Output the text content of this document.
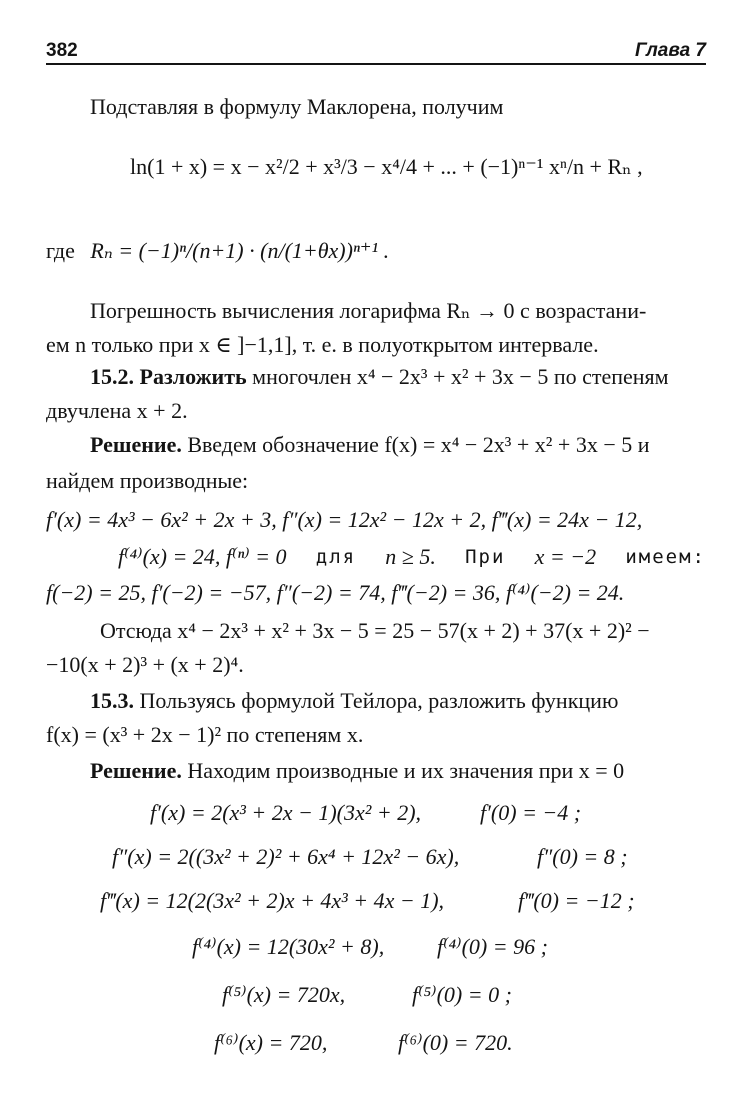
382	Глава 7
Подставляя в формулу Маклорена, получим
ln(1 + x) = x − x²/2 + x³/3 − x⁴/4 + ... + (−1)ⁿ⁻¹ xⁿ/n + Rₙ ,
где Rₙ = (−1)ⁿ/(n+1) · (n/(1+θx))ⁿ⁺¹ .
Погрешность вычисления логарифма Rₙ → 0 с возрастани-
ем n только при x ∈ ]−1,1], т. е. в полуоткрытом интервале.
15.2. Разложить многочлен x⁴ − 2x³ + x² + 3x − 5 по степеням
двучлена x + 2.
Решение. Введем обозначение f(x) = x⁴ − 2x³ + x² + 3x − 5 и
найдем производные:
f′(x) = 4x³ − 6x² + 2x + 3, f″(x) = 12x² − 12x + 2, f‴(x) = 24x − 12,
f⁽⁴⁾(x) = 24, f⁽ⁿ⁾ = 0 для n ≥ 5. При x = −2 имеем:
f(−2) = 25, f′(−2) = −57, f″(−2) = 74, f‴(−2) = 36, f⁽⁴⁾(−2) = 24.
Отсюда x⁴ − 2x³ + x² + 3x − 5 = 25 − 57(x + 2) + 37(x + 2)² −
−10(x + 2)³ + (x + 2)⁴.
15.3. Пользуясь формулой Тейлора, разложить функцию
f(x) = (x³ + 2x − 1)² по степеням x.
Решение. Находим производные и их значения при x = 0
f′(x) = 2(x³ + 2x − 1)(3x² + 2),	f′(0) = −4 ;
f″(x) = 2((3x² + 2)² + 6x⁴ + 12x² − 6x),	f″(0) = 8 ;
f‴(x) = 12(2(3x² + 2)x + 4x³ + 4x − 1),	f‴(0) = −12 ;
f⁽⁴⁾(x) = 12(30x² + 8), f⁽⁴⁾(0) = 96 ;
f⁽⁵⁾(x) = 720x,	f⁽⁵⁾(0) = 0 ;
f⁽⁶⁾(x) = 720,	f⁽⁶⁾(0) = 720.
